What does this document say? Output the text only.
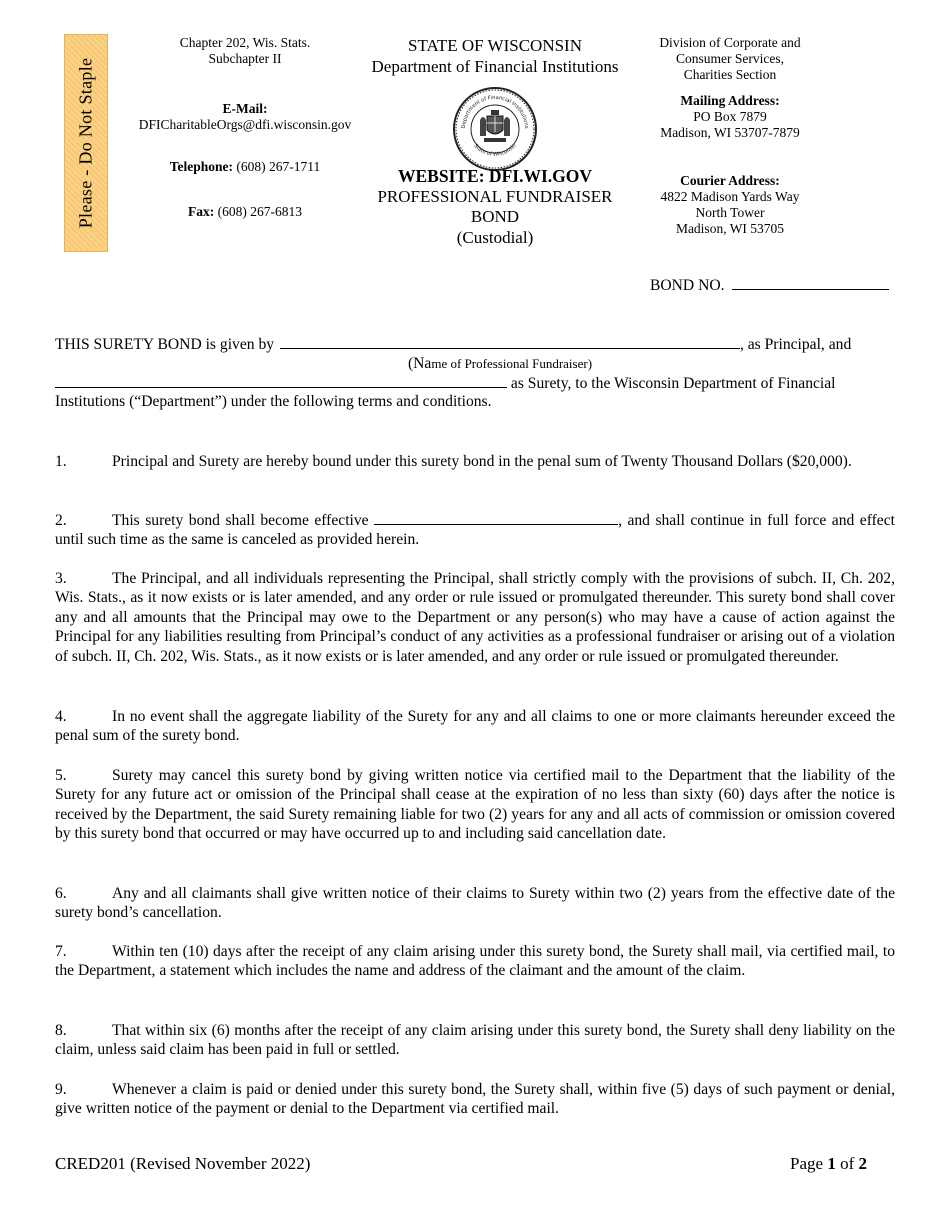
Please - Do Not Staple
Chapter 202, Wis. Stats.
Subchapter II
E-Mail:
DFICharitableOrgs@dfi.wisconsin.gov
Telephone: (608) 267-1711
Fax: (608) 267-6813
STATE OF WISCONSIN
Department of Financial Institutions
Department of Financial Institutions
State of Wisconsin
WEBSITE: DFI.WI.GOV
PROFESSIONAL FUNDRAISER
BOND
(Custodial)
Division of Corporate and
Consumer Services,
Charities Section
Mailing Address:
PO Box 7879
Madison, WI 53707-7879
Courier Address:
4822 Madison Yards Way
North Tower
Madison, WI 53705
BOND NO.
THIS SURETY BOND is given by	, as Principal, and
(Name of Professional Fundraiser)
as Surety, to the Wisconsin Department of Financial
Institutions (“Department”) under the following terms and conditions.
1.	Principal and Surety are hereby bound under this surety bond in the penal sum of Twenty Thousand Dollars ($20,000).
2.	This surety bond shall become effective	, and shall continue in full force and effect until such time as the same is canceled as provided herein.
3.	The Principal, and all individuals representing the Principal, shall strictly comply with the provisions of subch. II, Ch. 202, Wis. Stats., as it now exists or is later amended, and any order or rule issued or promulgated thereunder. This surety bond shall cover any and all amounts that the Principal may owe to the Department or any person(s) who may have a cause of action against the Principal for any liabilities resulting from Principal’s conduct of any activities as a professional fundraiser or arising out of a violation of subch. II, Ch. 202, Wis. Stats., as it now exists or is later amended, and any order or rule issued or promulgated thereunder.
4.	In no event shall the aggregate liability of the Surety for any and all claims to one or more claimants hereunder exceed the penal sum of the surety bond.
5.	Surety may cancel this surety bond by giving written notice via certified mail to the Department that the liability of the Surety for any future act or omission of the Principal shall cease at the expiration of no less than sixty (60) days after the notice is received by the Department, the said Surety remaining liable for two (2) years for any and all acts of commission or omission covered by this surety bond that occurred or may have occurred up to and including said cancellation date.
6.	Any and all claimants shall give written notice of their claims to Surety within two (2) years from the effective date of the surety bond’s cancellation.
7.	Within ten (10) days after the receipt of any claim arising under this surety bond, the Surety shall mail, via certified mail, to the Department, a statement which includes the name and address of the claimant and the amount of the claim.
8.	That within six (6) months after the receipt of any claim arising under this surety bond, the Surety shall deny liability on the claim, unless said claim has been paid in full or settled.
9.	Whenever a claim is paid or denied under this surety bond, the Surety shall, within five (5) days of such payment or denial, give written notice of the payment or denial to the Department via certified mail.
CRED201 (Revised November 2022)	Page 1 of 2
